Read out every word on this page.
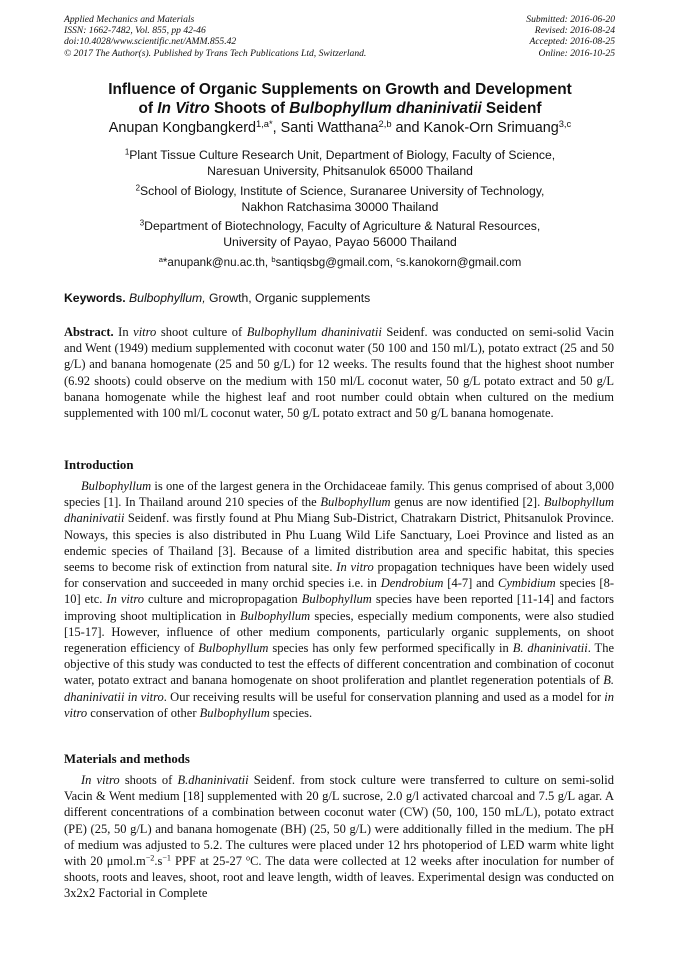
Applied Mechanics and Materials
ISSN: 1662-7482, Vol. 855, pp 42-46
doi:10.4028/www.scientific.net/AMM.855.42
© 2017 The Author(s). Published by Trans Tech Publications Ltd, Switzerland.
Submitted: 2016-06-20
Revised: 2016-08-24
Accepted: 2016-08-25
Online: 2016-10-25
Influence of Organic Supplements on Growth and Development
of In Vitro Shoots of Bulbophyllum dhaninivatii Seidenf
Anupan Kongbangkerd$^{1,a*}$, Santi Watthana$^{2,b}$ and Kanok-Orn Srimuang$^{3,c}$
$^1$Plant Tissue Culture Research Unit, Department of Biology, Faculty of Science,
Naresuan University, Phitsanulok 65000 Thailand
$^2$School of Biology, Institute of Science, Suranaree University of Technology,
Nakhon Ratchasima 30000 Thailand
$^3$Department of Biotechnology, Faculty of Agriculture & Natural Resources,
University of Payao, Payao 56000 Thailand
$^a$*anupank@nu.ac.th, $^b$santiqsbg@gmail.com, $^c$s.kanokorn@gmail.com
Keywords. Bulbophyllum, Growth, Organic supplements

Abstract. In vitro shoot culture of Bulbophyllum dhaninivatii Seidenf. was conducted on semi-solid Vacin and Went (1949) medium supplemented with coconut water (50 100 and 150 ml/L), potato extract (25 and 50 g/L) and banana homogenate (25 and 50 g/L) for 12 weeks. The results found that the highest shoot number (6.92 shoots) could observe on the medium with 150 ml/L coconut water, 50 g/L potato extract and 50 g/L banana homogenate while the highest leaf and root number could obtain when cultured on the medium supplemented with 100 ml/L coconut water, 50 g/L potato extract and 50 g/L banana homogenate.

Introduction

Bulbophyllum is one of the largest genera in the Orchidaceae family. This genus comprised of about 3,000 species [1]. In Thailand around 210 species of the Bulbophyllum genus are now identified [2]. Bulbophyllum dhaninivatii Seidenf. was firstly found at Phu Miang Sub-District, Chatrakarn District, Phitsanulok Province. Noways, this species is also distributed in Phu Luang Wild Life Sanctuary, Loei Province and listed as an endemic species of Thailand [3]. Because of a limited distribution area and specific habitat, this species seems to become risk of extinction from natural site. In vitro propagation techniques have been widely used for conservation and succeeded in many orchid species i.e. in Dendrobium [4-7] and Cymbidium species [8-10] etc. In vitro culture and micropropagation Bulbophyllum species have been reported [11-14] and factors improving shoot multiplication in Bulbophyllum species, especially medium components, were also studied [15-17]. However, influence of other medium components, particularly organic supplements, on shoot regeneration efficiency of Bulbophyllum species has only few performed specifically in B. dhaninivatii. The objective of this study was conducted to test the effects of different concentration and combination of coconut water, potato extract and banana homogenate on shoot proliferation and plantlet regeneration potentials of B. dhaninivatii in vitro. Our receiving results will be useful for conservation planning and used as a model for in vitro conservation of other Bulbophyllum species.

Materials and methods

In vitro shoots of B.dhaninivatii Seidenf. from stock culture were transferred to culture on semi-solid Vacin & Went medium [18] supplemented with 20 g/L sucrose, 2.0 g/l activated charcoal and 7.5 g/L agar. A different concentrations of a combination between coconut water (CW) (50, 100, 150 mL/L), potato extract (PE) (25, 50 g/L) and banana homogenate (BH) (25, 50 g/L) were additionally filled in the medium. The pH of medium was adjusted to 5.2. The cultures were placed under 12 hrs photoperiod of LED warm white light with 20 $\mu mol.m^{-2}.s^{-1}$ PPF at 25-27 $^o$C. The data were collected at 12 weeks after inoculation for number of shoots, roots and leaves, shoot, root and leave length, width of leaves. Experimental design was conducted on 3x2x2 Factorial in Complete
